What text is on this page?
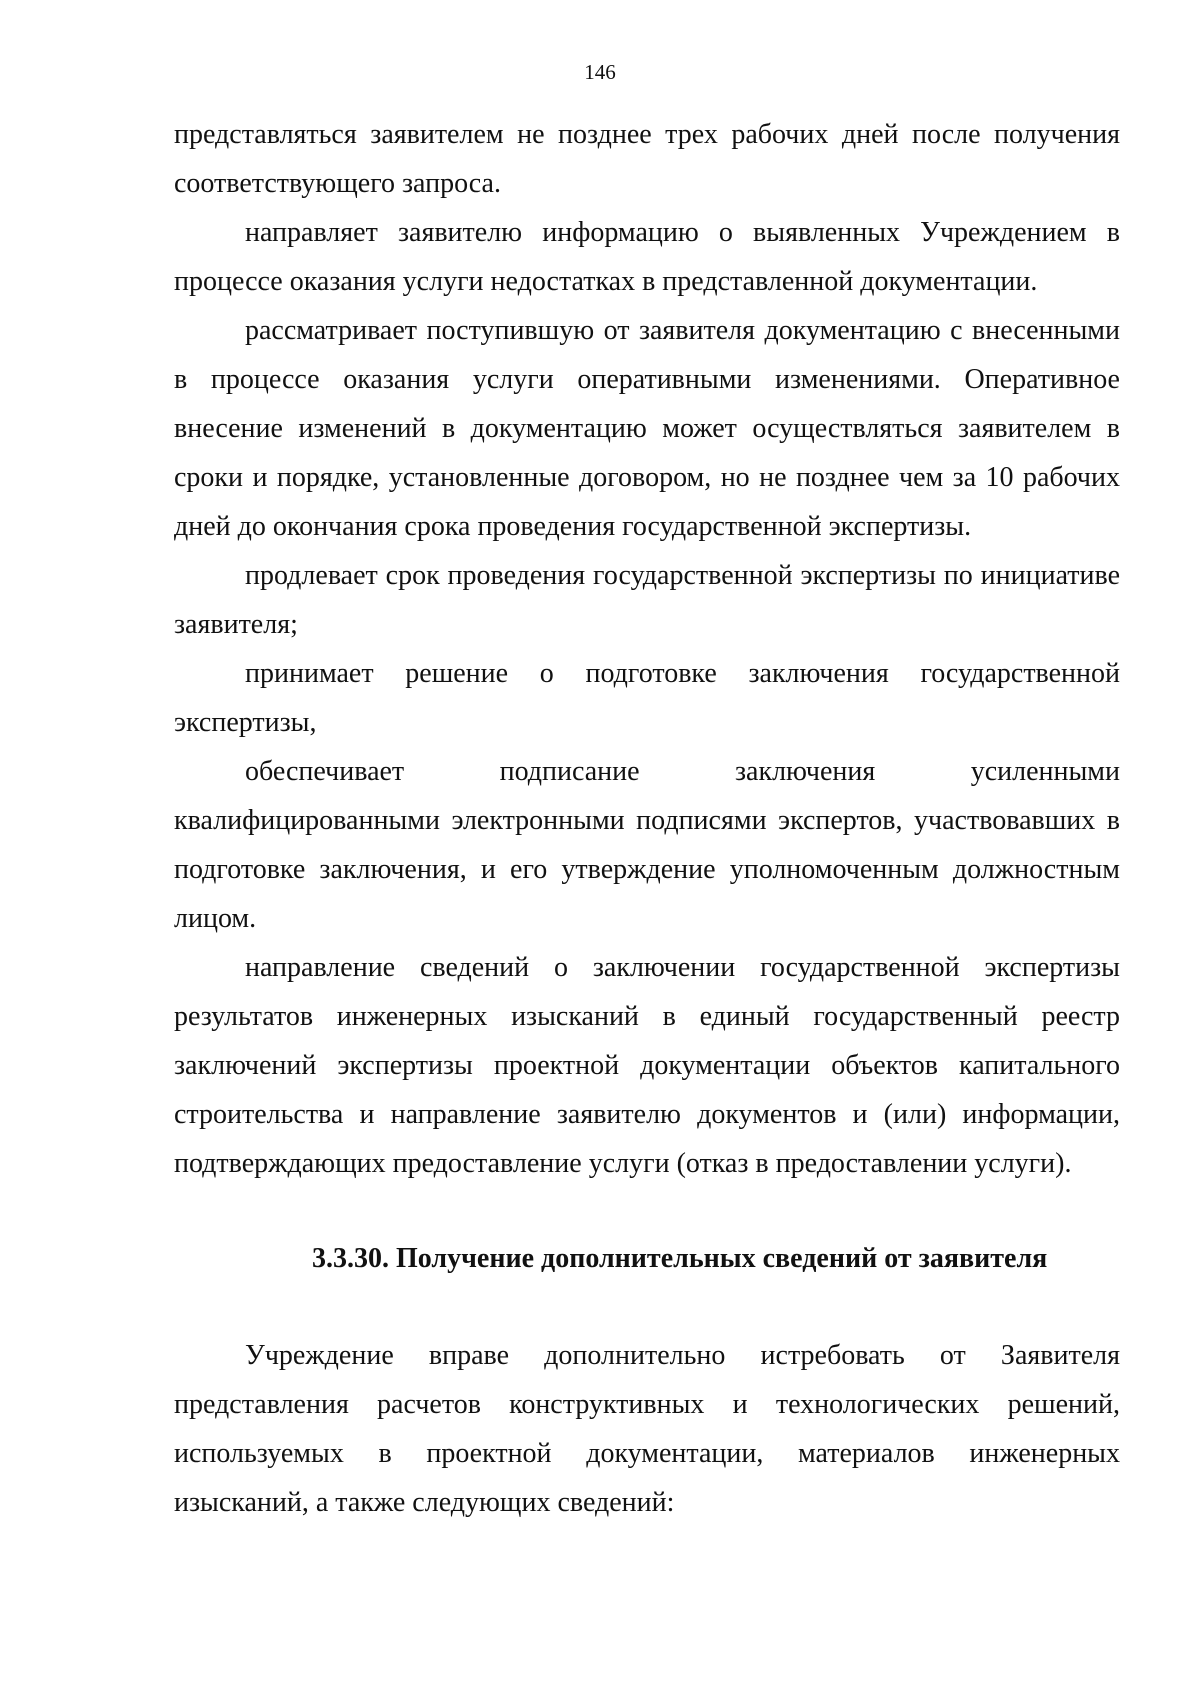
146

представляться заявителем не позднее трех рабочих дней после получения соответствующего запроса.

направляет заявителю информацию о выявленных Учреждением в процессе оказания услуги недостатках в представленной документации.

рассматривает поступившую от заявителя документацию с внесенными в процессе оказания услуги оперативными изменениями. Оперативное внесение изменений в документацию может осуществляться заявителем в сроки и порядке, установленные договором, но не позднее чем за 10 рабочих дней до окончания срока проведения государственной экспертизы.

продлевает срок проведения государственной экспертизы по инициативе заявителя;

принимает решение о подготовке заключения государственной экспертизы,

обеспечивает подписание заключения усиленными квалифицированными электронными подписями экспертов, участвовавших в подготовке заключения, и его утверждение уполномоченным должностным лицом.

направление сведений о заключении государственной экспертизы результатов инженерных изысканий в единый государственный реестр заключений экспертизы проектной документации объектов капитального строительства и направление заявителю документов и (или) информации, подтверждающих предоставление услуги (отказ в предоставлении услуги).

3.3.30. Получение дополнительных сведений от заявителя

Учреждение вправе дополнительно истребовать от Заявителя представления расчетов конструктивных и технологических решений, используемых в проектной документации, материалов инженерных изысканий, а также следующих сведений:
